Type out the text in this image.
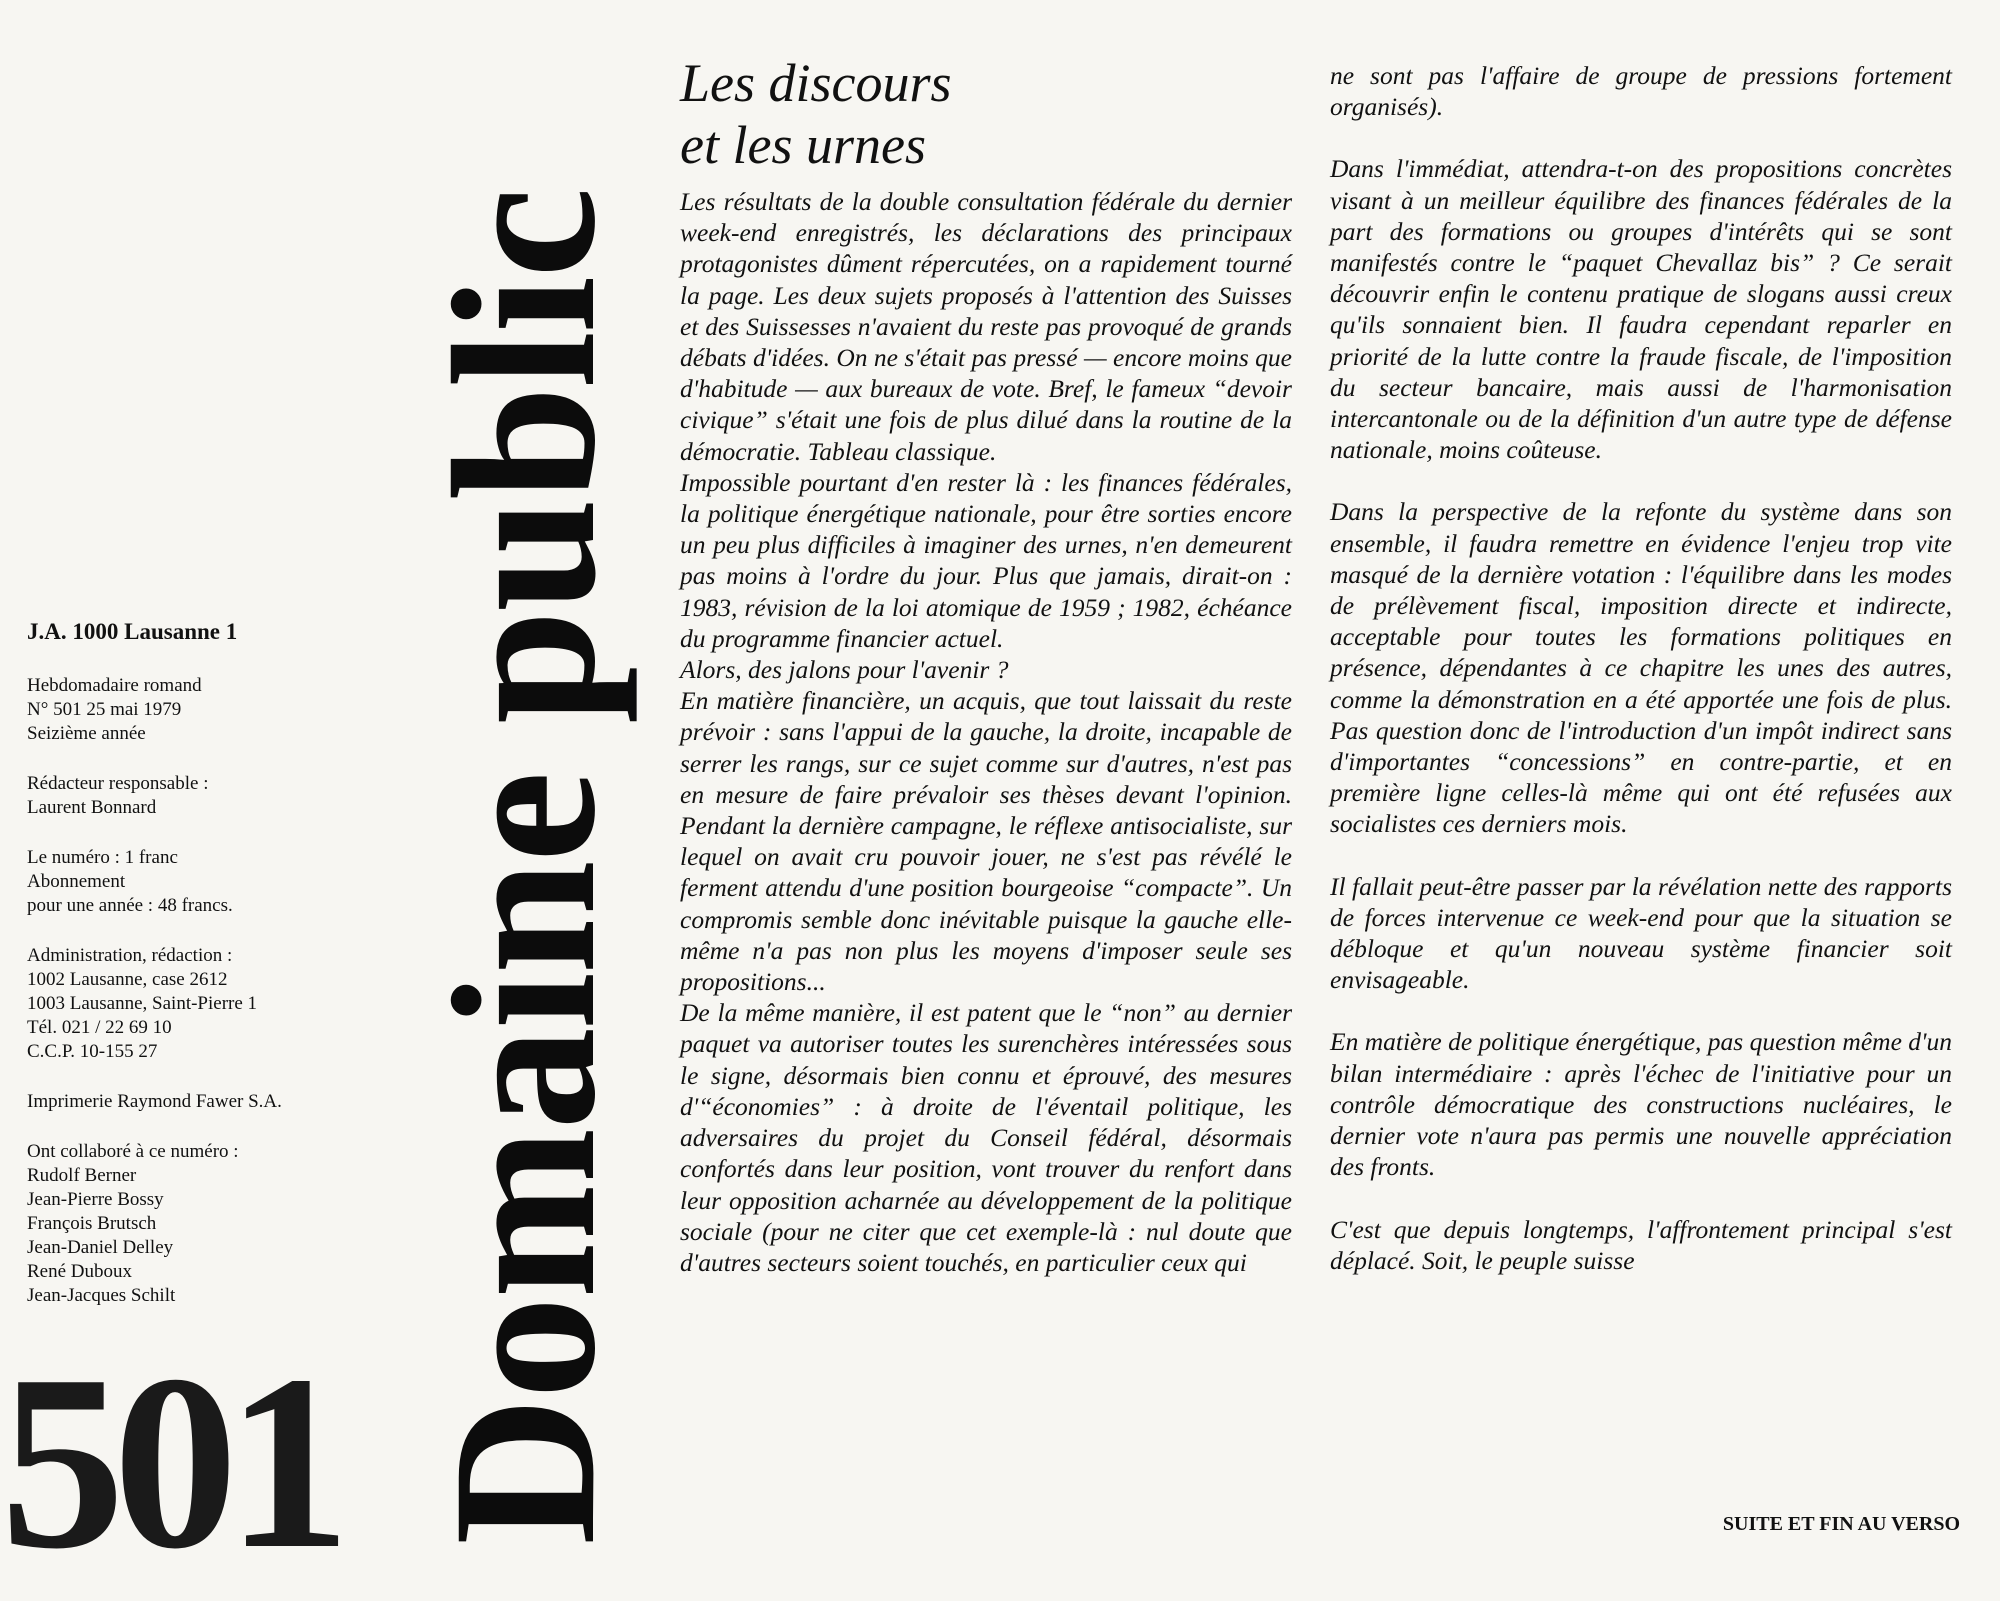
J.A. 1000 Lausanne 1
Hebdomadaire romand
N° 501 25 mai 1979
Seizième année
Rédacteur responsable :
Laurent Bonnard
Le numéro : 1 franc
Abonnement
pour une année : 48 francs.
Administration, rédaction :
1002 Lausanne, case 2612
1003 Lausanne, Saint-Pierre 1
Tél. 021 / 22 69 10
C.C.P. 10-155 27
Imprimerie Raymond Fawer S.A.
Ont collaboré à ce numéro :
Rudolf Berner
Jean-Pierre Bossy
François Brutsch
Jean-Daniel Delley
René Duboux
Jean-Jacques Schilt
501 Domaine public
Les discours
et les urnes

Les résultats de la double consultation fédérale du dernier week-end enregistrés, les déclarations des principaux protagonistes dûment répercutées, on a rapidement tourné la page. Les deux sujets proposés à l'attention des Suisses et des Suissesses n'avaient du reste pas provoqué de grands débats d'idées. On ne s'était pas pressé — encore moins que d'habitude — aux bureaux de vote. Bref, le fameux “devoir civique” s'était une fois de plus dilué dans la routine de la démocratie. Tableau classique.

Impossible pourtant d'en rester là : les finances fédérales, la politique énergétique nationale, pour être sorties encore un peu plus difficiles à imaginer des urnes, n'en demeurent pas moins à l'ordre du jour. Plus que jamais, dirait-on : 1983, révision de la loi atomique de 1959 ; 1982, échéance du programme financier actuel.

Alors, des jalons pour l'avenir ?

En matière financière, un acquis, que tout laissait du reste prévoir : sans l'appui de la gauche, la droite, incapable de serrer les rangs, sur ce sujet comme sur d'autres, n'est pas en mesure de faire prévaloir ses thèses devant l'opinion. Pendant la dernière campagne, le réflexe antisocialiste, sur lequel on avait cru pouvoir jouer, ne s'est pas révélé le ferment attendu d'une position bourgeoise “compacte”. Un compromis semble donc inévitable puisque la gauche elle-même n'a pas non plus les moyens d'imposer seule ses propositions...

De la même manière, il est patent que le “non” au dernier paquet va autoriser toutes les surenchères intéressées sous le signe, désormais bien connu et éprouvé, des mesures d'“économies” : à droite de l'éventail politique, les adversaires du projet du Conseil fédéral, désormais confortés dans leur position, vont trouver du renfort dans leur opposition acharnée au développement de la politique sociale (pour ne citer que cet exemple-là : nul doute que d'autres secteurs soient touchés, en particulier ceux qui

ne sont pas l'affaire de groupe de pressions fortement organisés).

Dans l'immédiat, attendra-t-on des propositions concrètes visant à un meilleur équilibre des finances fédérales de la part des formations ou groupes d'intérêts qui se sont manifestés contre le “paquet Chevallaz bis” ? Ce serait découvrir enfin le contenu pratique de slogans aussi creux qu'ils sonnaient bien. Il faudra cependant reparler en priorité de la lutte contre la fraude fiscale, de l'imposition du secteur bancaire, mais aussi de l'harmonisation intercantonale ou de la définition d'un autre type de défense nationale, moins coûteuse.

Dans la perspective de la refonte du système dans son ensemble, il faudra remettre en évidence l'enjeu trop vite masqué de la dernière votation : l'équilibre dans les modes de prélèvement fiscal, imposition directe et indirecte, acceptable pour toutes les formations politiques en présence, dépendantes à ce chapitre les unes des autres, comme la démonstration en a été apportée une fois de plus. Pas question donc de l'introduction d'un impôt indirect sans d'importantes “concessions” en contre-partie, et en première ligne celles-là même qui ont été refusées aux socialistes ces derniers mois.

Il fallait peut-être passer par la révélation nette des rapports de forces intervenue ce week-end pour que la situation se débloque et qu'un nouveau système financier soit envisageable.

En matière de politique énergétique, pas question même d'un bilan intermédiaire : après l'échec de l'initiative pour un contrôle démocratique des constructions nucléaires, le dernier vote n'aura pas permis une nouvelle appréciation des fronts.

C'est que depuis longtemps, l'affrontement principal s'est déplacé. Soit, le peuple suisse

SUITE ET FIN AU VERSO
